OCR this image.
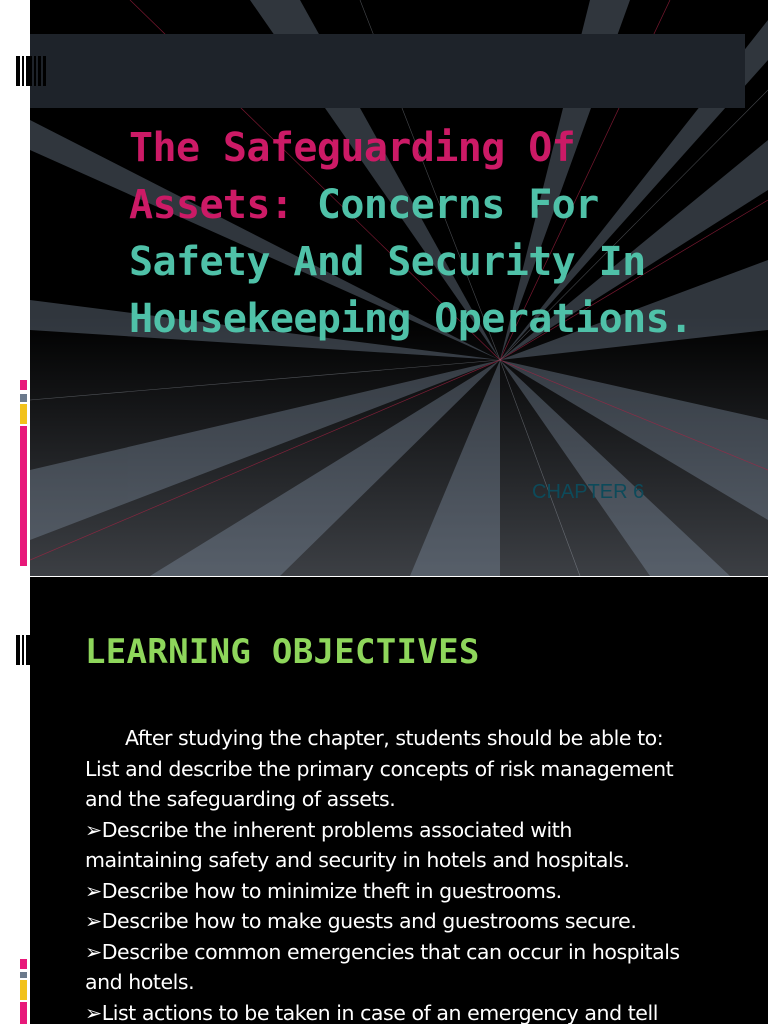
The Safeguarding Of Assets: Concerns For Safety And Security In Housekeeping Operations.
CHAPTER 6
LEARNING OBJECTIVES
After studying the chapter, students should be able to:
List and describe the primary concepts of risk management
and the safeguarding of assets.
➢Describe the inherent problems associated with
maintaining safety and security in hotels and hospitals.
➢Describe how to minimize theft in guestrooms.
➢Describe how to make guests and guestrooms secure.
➢Describe common emergencies that can occur in hospitals
and hotels.
➢List actions to be taken in case of an emergency and tell
